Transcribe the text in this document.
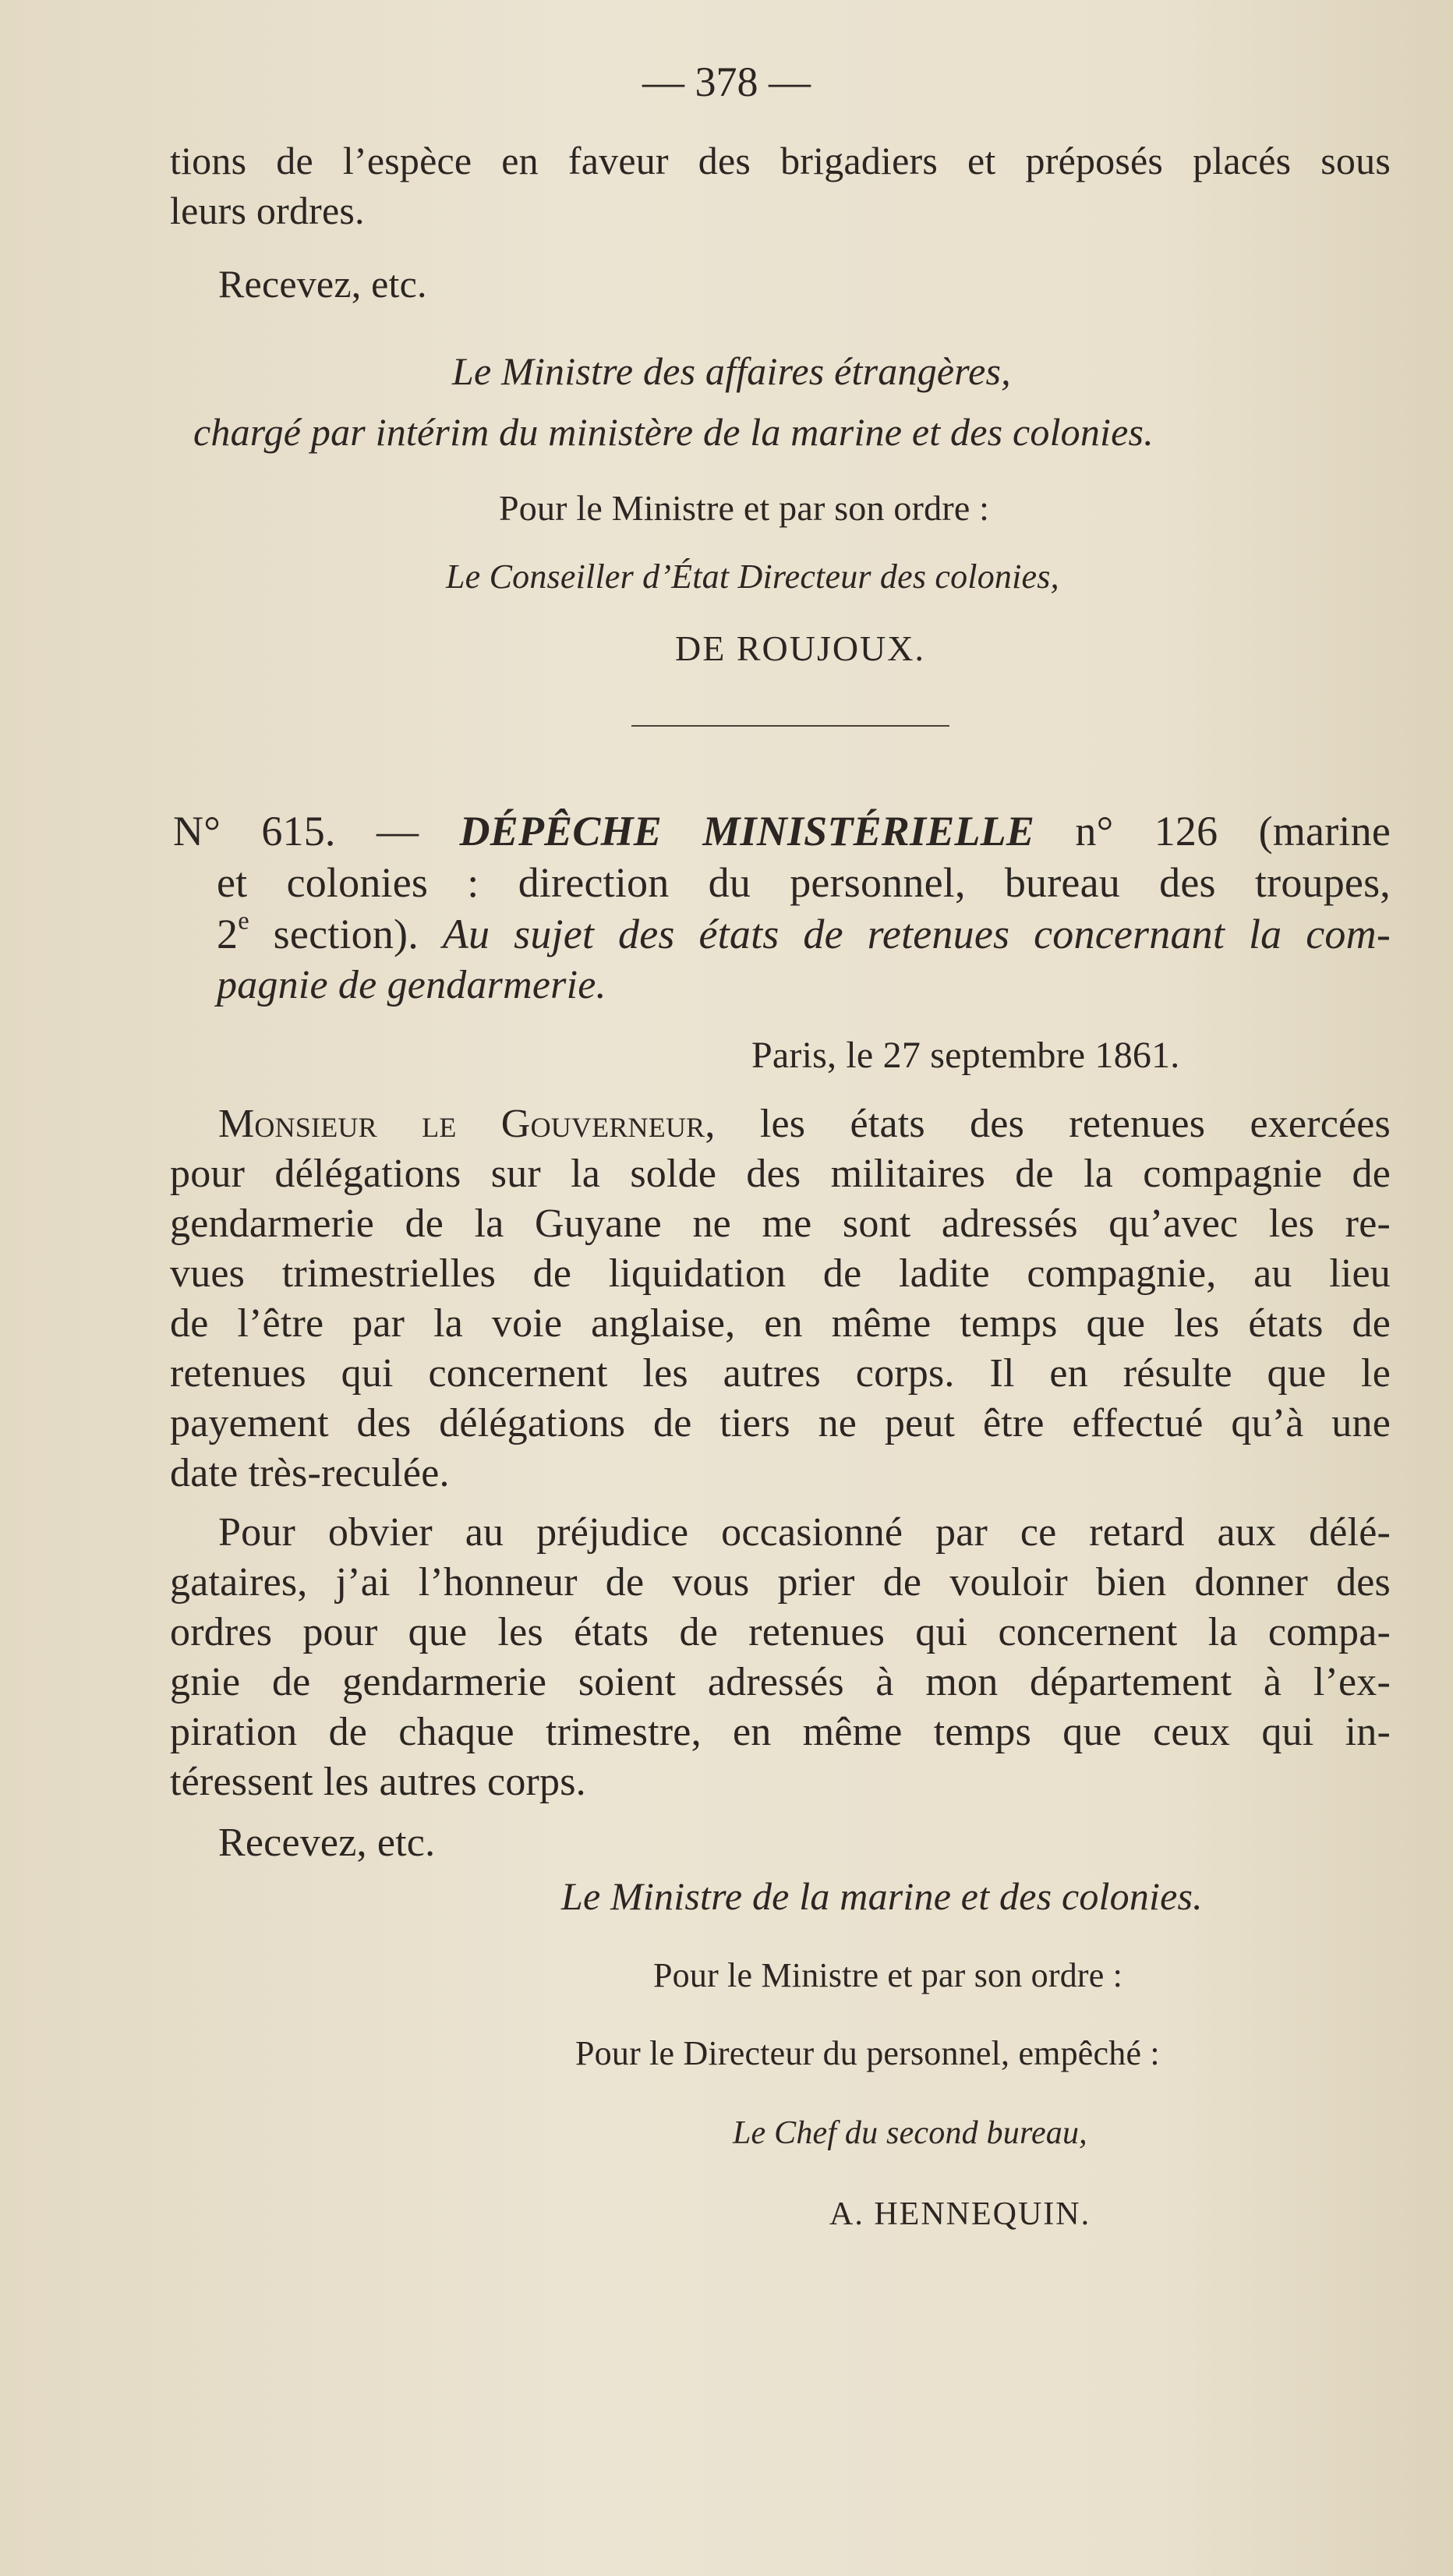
— 378 —
tions de l’espèce en faveur des brigadiers et préposés placés sous
leurs ordres.
Recevez, etc.
Le Ministre des affaires étrangères,
chargé par intérim du ministère de la marine et des colonies.
Pour le Ministre et par son ordre :
Le Conseiller d’État Directeur des colonies,
DE ROUJOUX.
N° 615. — DÉPÊCHE MINISTÉRIELLE n° 126 (marine
et colonies : direction du personnel, bureau des troupes,
2e section). Au sujet des états de retenues concernant la com-
pagnie de gendarmerie.
Paris, le 27 septembre 1861.
Monsieur le Gouverneur, les états des retenues exercées
pour délégations sur la solde des militaires de la compagnie de
gendarmerie de la Guyane ne me sont adressés qu’avec les re-
vues trimestrielles de liquidation de ladite compagnie, au lieu
de l’être par la voie anglaise, en même temps que les états de
retenues qui concernent les autres corps. Il en résulte que le
payement des délégations de tiers ne peut être effectué qu’à une
date très-reculée.
Pour obvier au préjudice occasionné par ce retard aux délé-
gataires, j’ai l’honneur de vous prier de vouloir bien donner des
ordres pour que les états de retenues qui concernent la compa-
gnie de gendarmerie soient adressés à mon département à l’ex-
piration de chaque trimestre, en même temps que ceux qui in-
téressent les autres corps.
Recevez, etc.
Le Ministre de la marine et des colonies.
Pour le Ministre et par son ordre :
Pour le Directeur du personnel, empêché :
Le Chef du second bureau,
A. HENNEQUIN.
